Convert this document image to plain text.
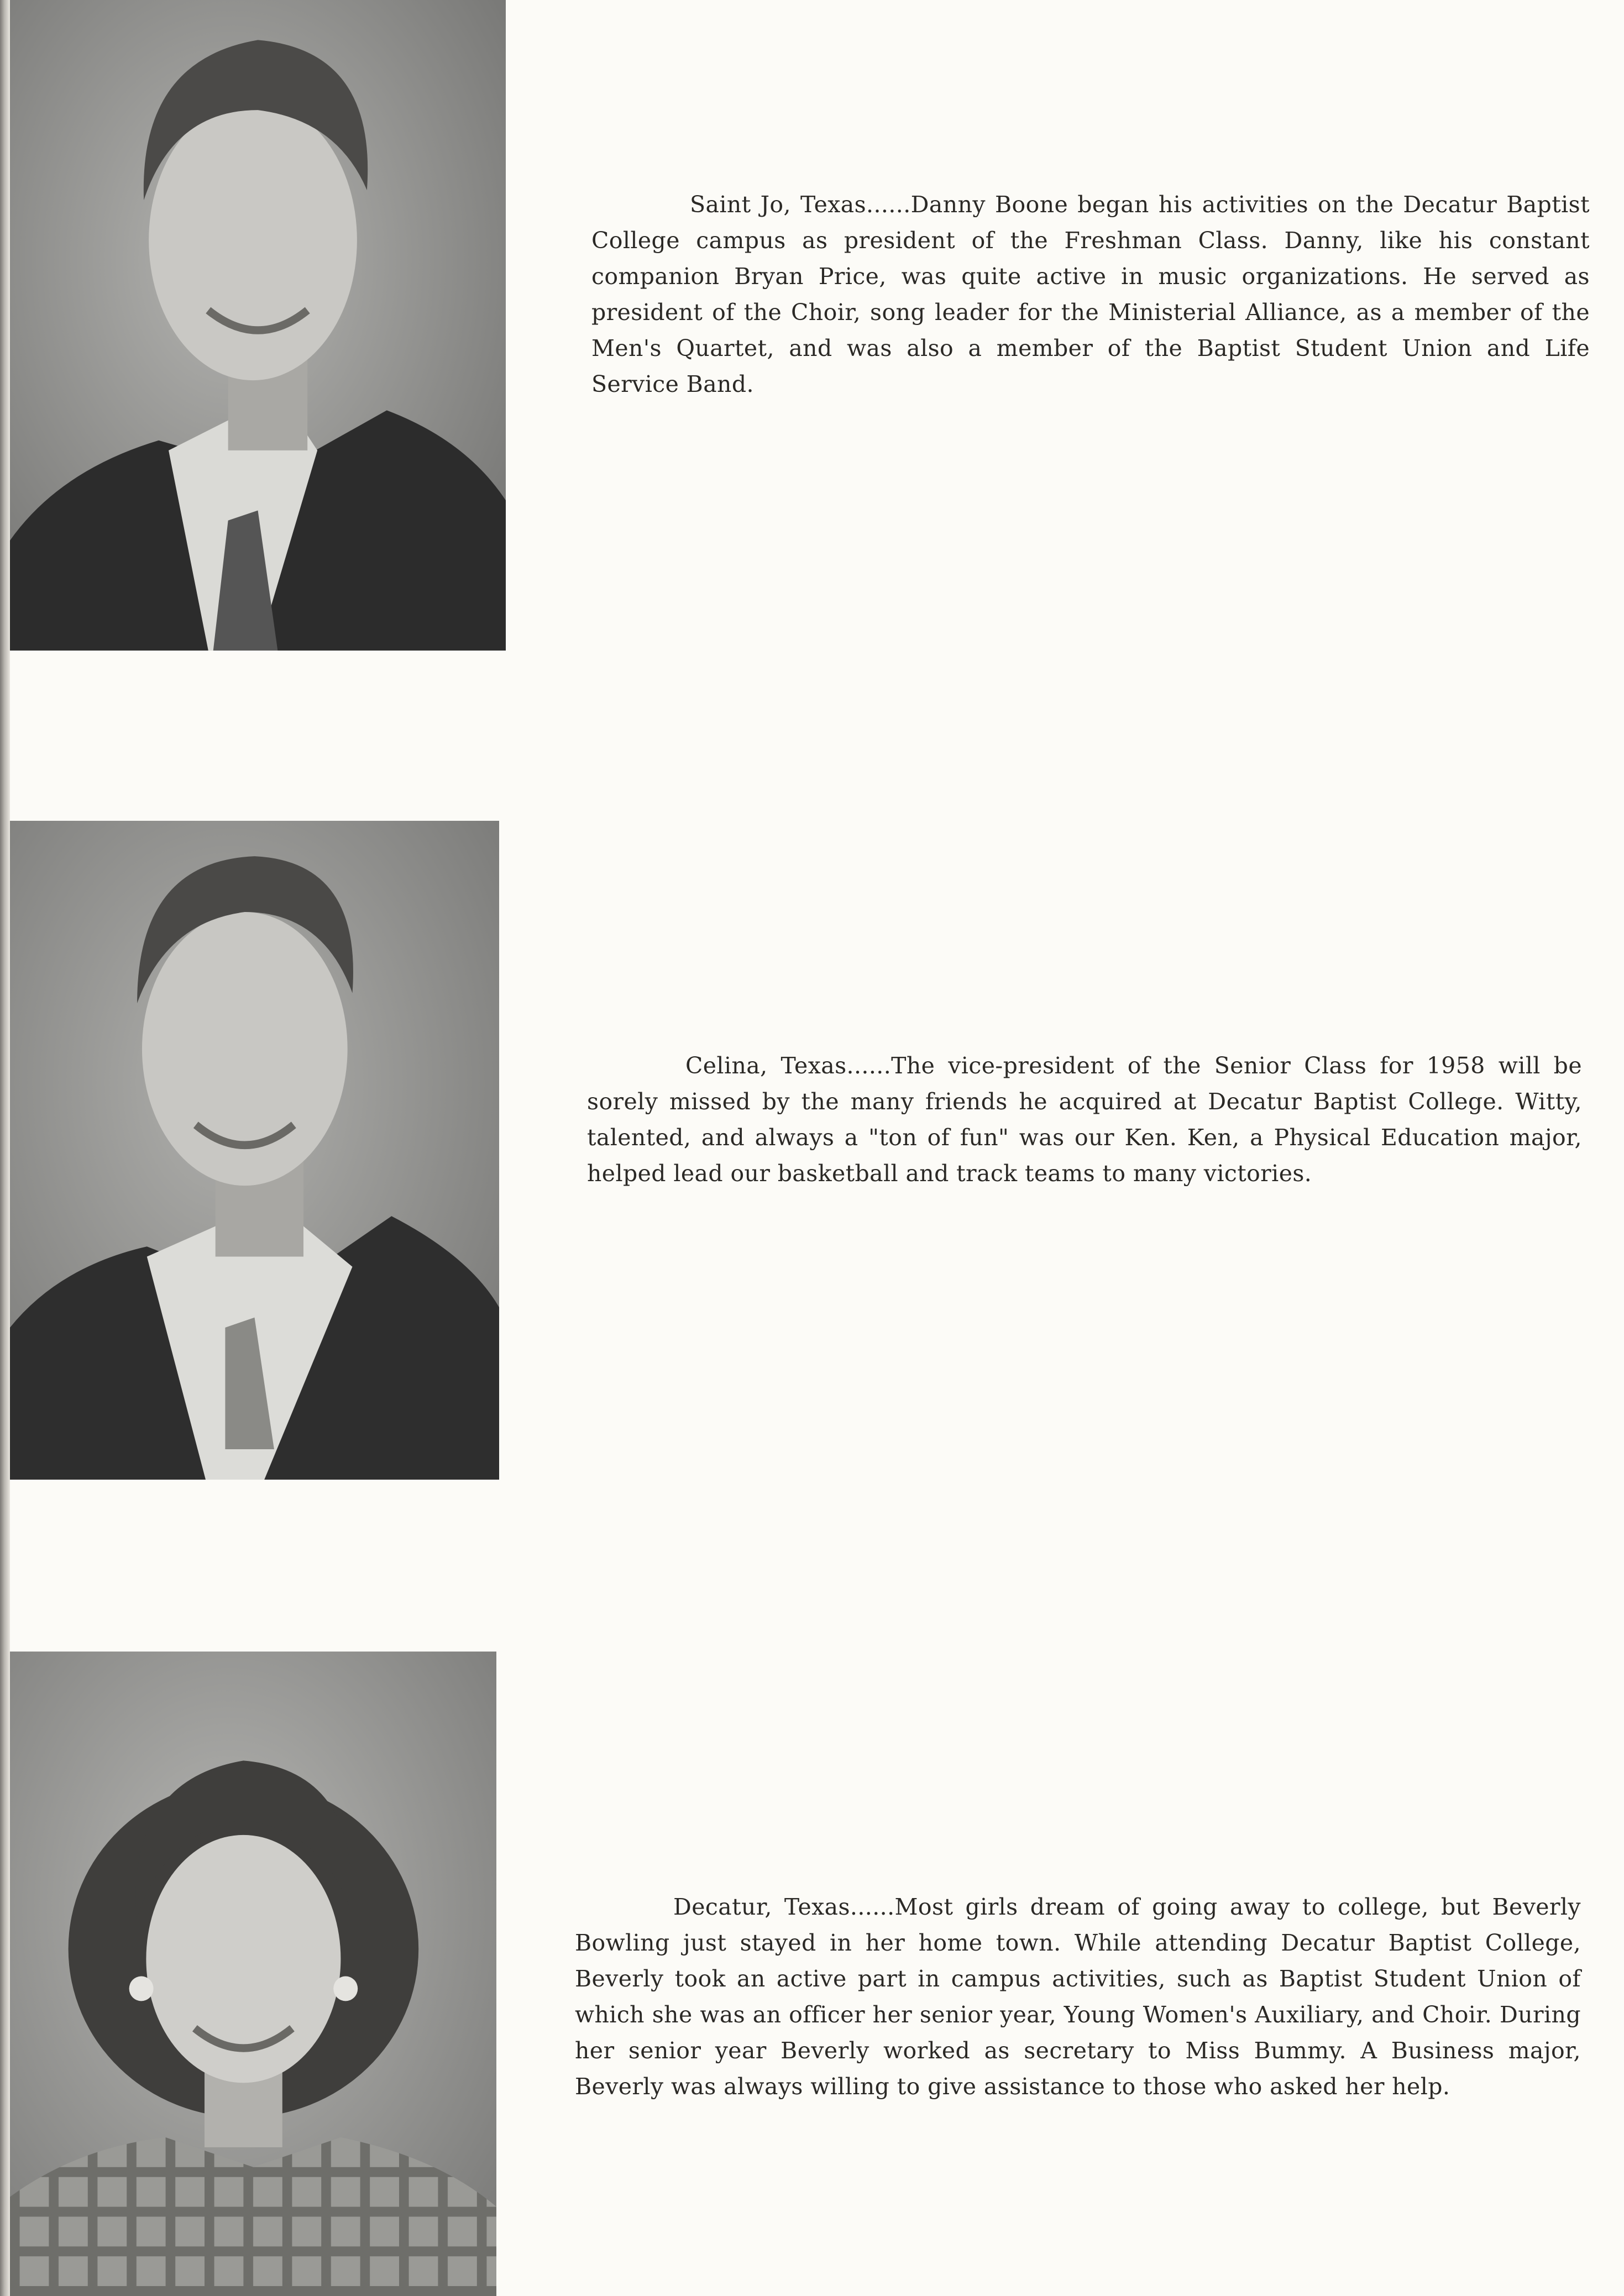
Saint Jo, Texas......Danny Boone began his activities on the Decatur Baptist College campus as president of the Freshman Class. Danny, like his constant companion Bryan Price, was quite active in music organizations. He served as president of the Choir, song leader for the Ministerial Alliance, as a member of the Men's Quartet, and was also a member of the Baptist Student Union and Life Service Band.
Celina, Texas......The vice-president of the Senior Class for 1958 will be sorely missed by the many friends he acquired at Decatur Baptist College. Witty, talented, and always a "ton of fun" was our Ken. Ken, a Physical Education major, helped lead our basketball and track teams to many victories.
Decatur, Texas......Most girls dream of going away to college, but Beverly Bowling just stayed in her home town. While attending Decatur Baptist College, Beverly took an active part in campus activities, such as Baptist Student Union of which she was an officer her senior year, Young Women's Auxiliary, and Choir. During her senior year Beverly worked as secretary to Miss Bummy. A Business major, Beverly was always willing to give assistance to those who asked her help.
